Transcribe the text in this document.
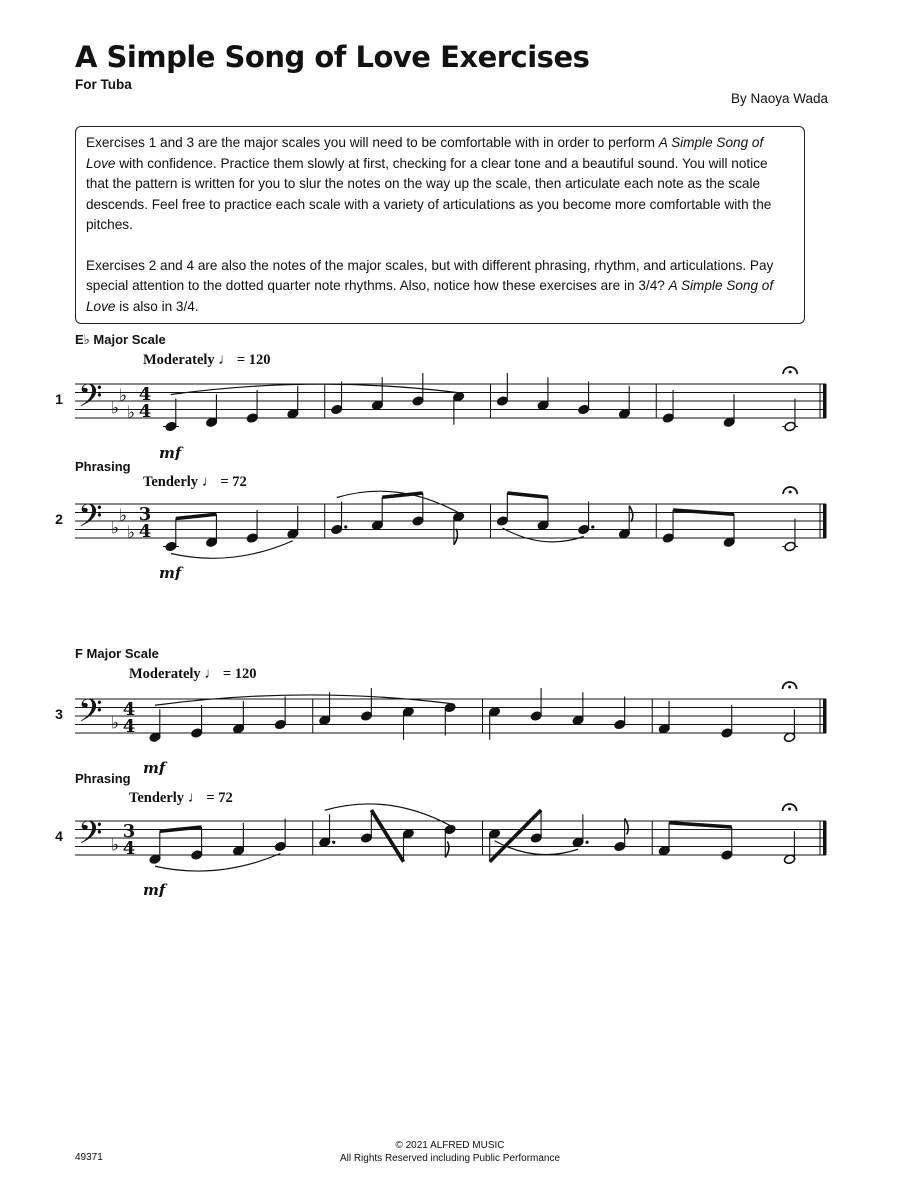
A Simple Song of Love Exercises
For Tuba
By Naoya Wada

Exercises 1 and 3 are the major scales you will need to be comfortable with in order to perform A Simple Song of Love with confidence. Practice them slowly at first, checking for a clear tone and a beautiful sound. You will notice that the pattern is written for you to slur the notes on the way up the scale, then articulate each note as the scale descends. Feel free to practice each scale with a variety of articulations as you become more comfortable with the pitches.

Exercises 2 and 4 are also the notes of the major scales, but with different phrasing, rhythm, and articulations. Pay special attention to the dotted quarter note rhythms. Also, notice how these exercises are in 3/4? A Simple Song of Love is also in 3/4.

E♭ Major Scale
Moderately ♩ = 120
1 𝄢 ♭
♭
♭
4
4
mf
Phrasing
Tenderly ♩ = 72
2 𝄢 ♭
♭
♭
3
4
mf
F Major Scale
Moderately ♩ = 120
3 𝄢 ♭
4
4
mf
Phrasing
Tenderly ♩ = 72
4 𝄢 ♭
3
4
mf
© 2021 ALFRED MUSIC
All Rights Reserved including Public Performance
49371
